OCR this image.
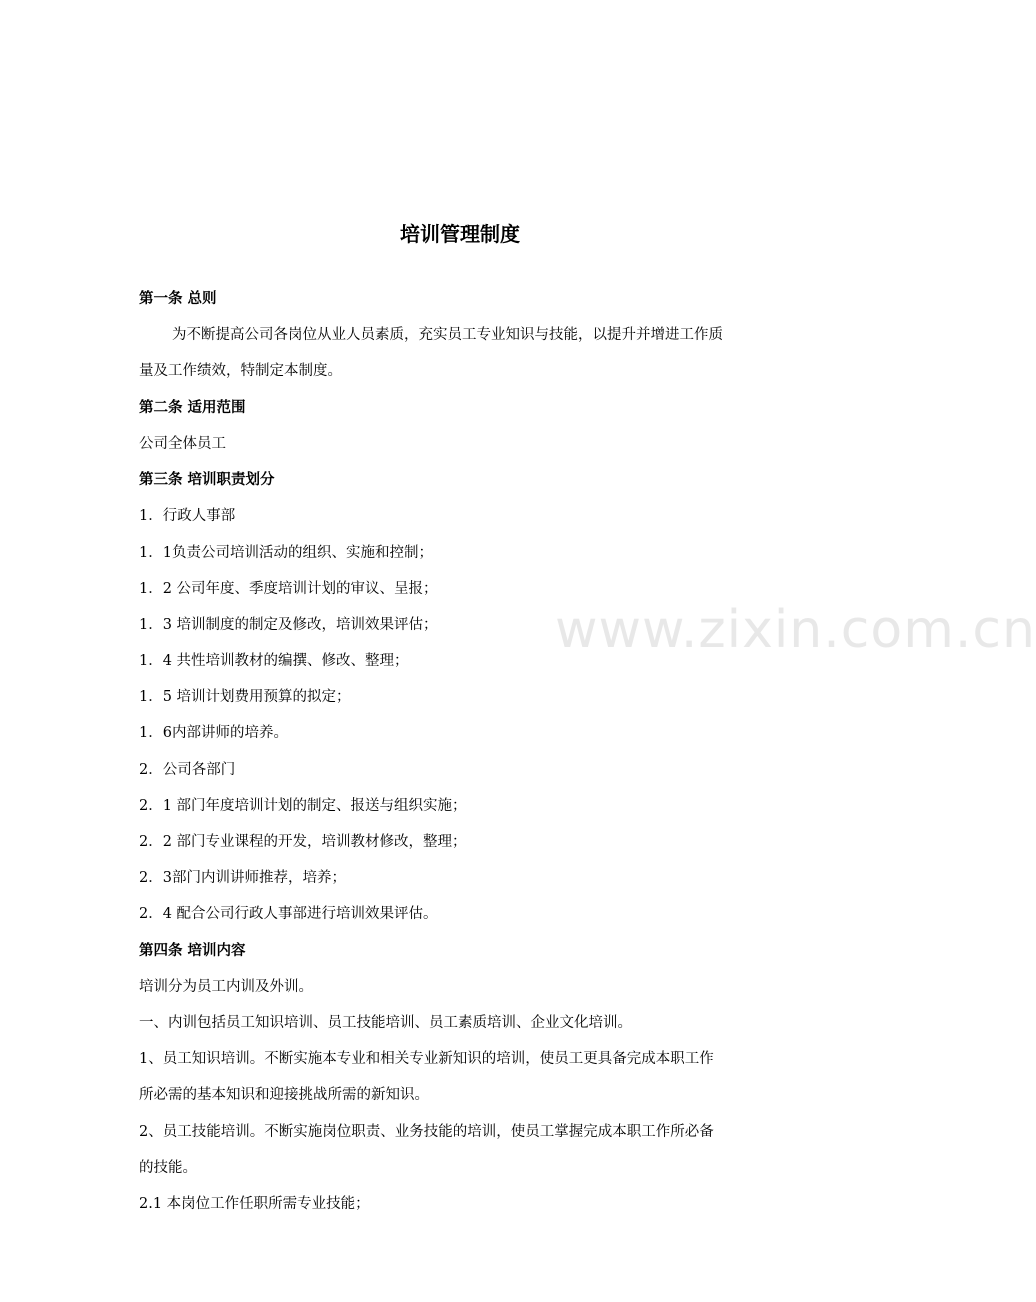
www.zixin.com.cn
培训管理制度
第一条 总则
为不断提高公司各岗位从业人员素质，充实员工专业知识与技能，以提升并增进工作质
量及工作绩效，特制定本制度。
第二条 适用范围
公司全体员工
第三条 培训职责划分
1．行政人事部
1．1负责公司培训活动的组织、实施和控制；
1．2 公司年度、季度培训计划的审议、呈报；
1．3 培训制度的制定及修改，培训效果评估；
1．4 共性培训教材的编撰、修改、整理；
1．5 培训计划费用预算的拟定；
1．6内部讲师的培养。
2．公司各部门
2．1 部门年度培训计划的制定、报送与组织实施；
2．2 部门专业课程的开发，培训教材修改，整理；
2．3部门内训讲师推荐，培养；
2．4 配合公司行政人事部进行培训效果评估。
第四条 培训内容
培训分为员工内训及外训。
一、内训包括员工知识培训、员工技能培训、员工素质培训、企业文化培训。
1、员工知识培训。不断实施本专业和相关专业新知识的培训，使员工更具备完成本职工作
所必需的基本知识和迎接挑战所需的新知识。
2、员工技能培训。不断实施岗位职责、业务技能的培训，使员工掌握完成本职工作所必备
的技能。
2.1 本岗位工作任职所需专业技能；
